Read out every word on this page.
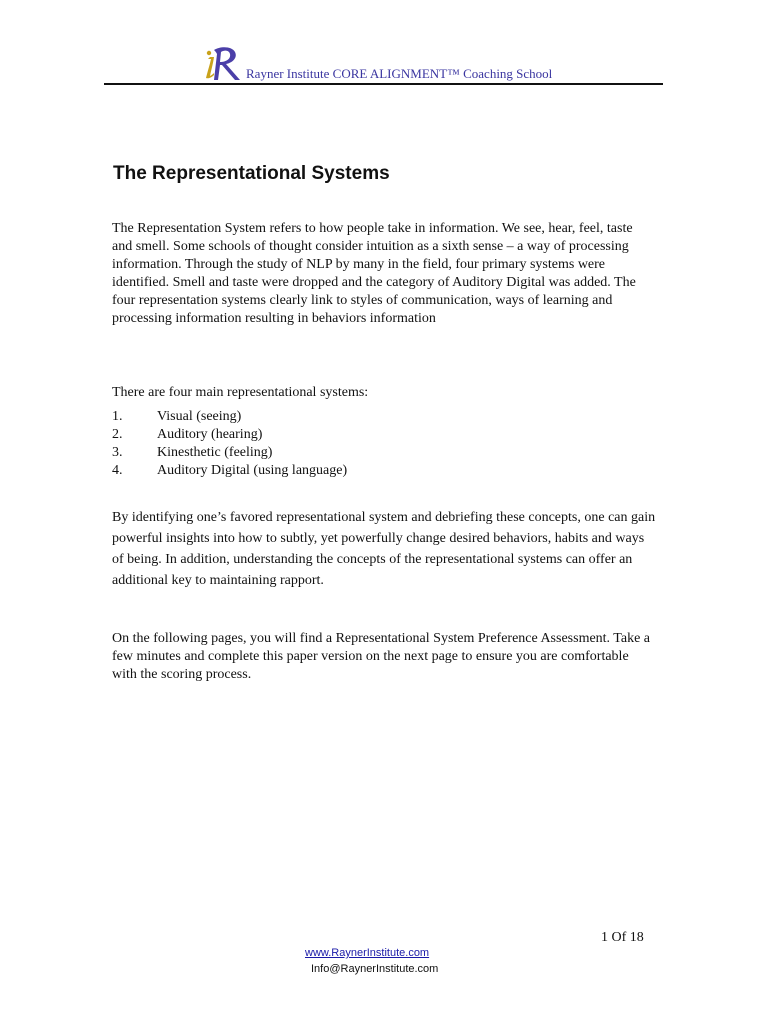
Rayner Institute CORE ALIGNMENT™ Coaching School
The Representational Systems

The Representation System refers to how people take in information. We see, hear, feel, taste and smell. Some schools of thought consider intuition as a sixth sense – a way of processing information. Through the study of NLP by many in the field, four primary systems were identified. Smell and taste were dropped and the category of Auditory Digital was added. The four representation systems clearly link to styles of communication, ways of learning and processing information resulting in behaviors information

There are four main representational systems:

1.	Visual (seeing)
2.	Auditory (hearing)
3.	Kinesthetic (feeling)
4.	Auditory Digital (using language)

By identifying one’s favored representational system and debriefing these concepts, one can gain powerful insights into how to subtly, yet powerfully change desired behaviors, habits and ways of being. In addition, understanding the concepts of the representational systems can offer an additional key to maintaining rapport.

On the following pages, you will find a Representational System Preference Assessment. Take a few minutes and complete this paper version on the next page to ensure you are comfortable with the scoring process.

1 Of 18
www.RaynerInstitute.com
Info@RaynerInstitute.com
